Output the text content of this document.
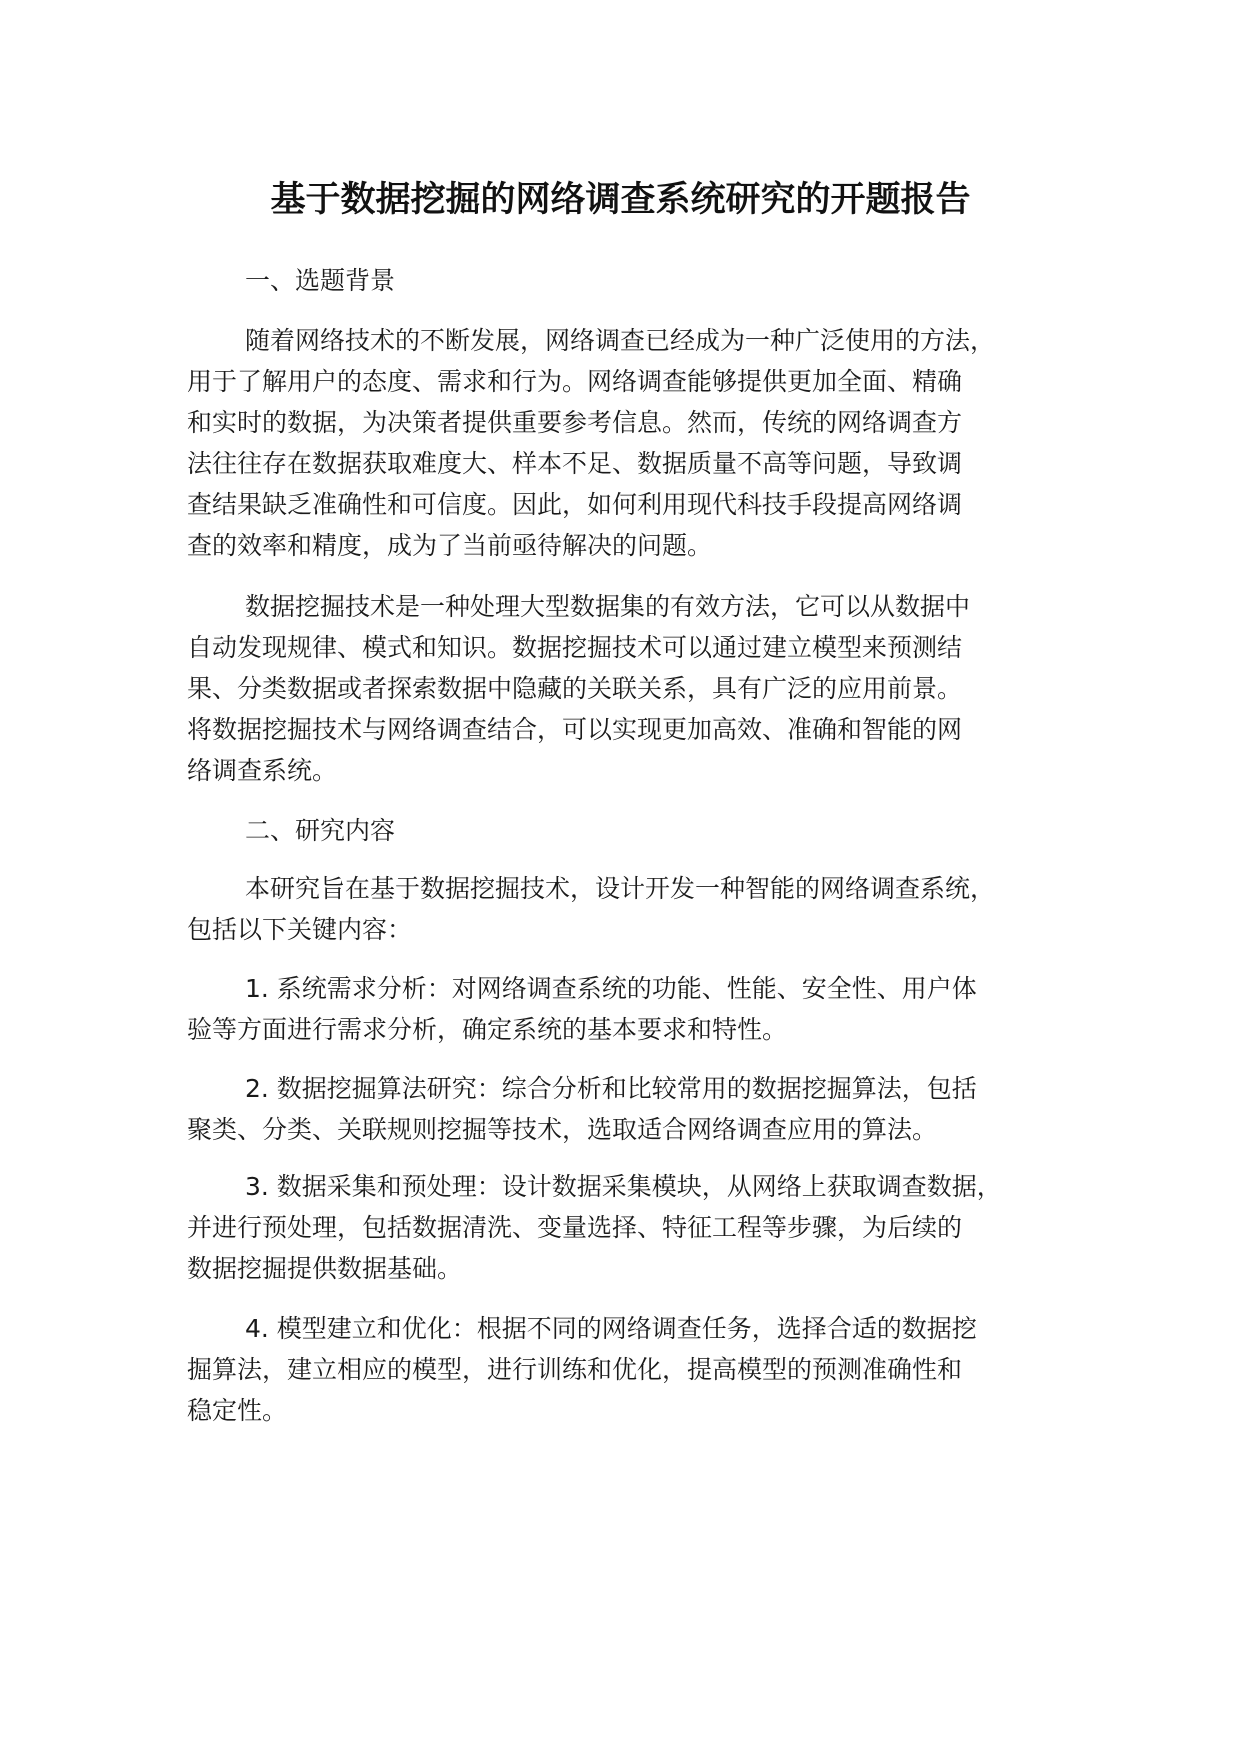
基于数据挖掘的网络调查系统研究的开题报告
一、选题背景
随着网络技术的不断发展，网络调查已经成为一种广泛使用的方法，
用于了解用户的态度、需求和行为。网络调查能够提供更加全面、精确
和实时的数据，为决策者提供重要参考信息。然而，传统的网络调查方
法往往存在数据获取难度大、样本不足、数据质量不高等问题，导致调
查结果缺乏准确性和可信度。因此，如何利用现代科技手段提高网络调
查的效率和精度，成为了当前亟待解决的问题。
数据挖掘技术是一种处理大型数据集的有效方法，它可以从数据中
自动发现规律、模式和知识。数据挖掘技术可以通过建立模型来预测结
果、分类数据或者探索数据中隐藏的关联关系，具有广泛的应用前景。
将数据挖掘技术与网络调查结合，可以实现更加高效、准确和智能的网
络调查系统。
二、研究内容
本研究旨在基于数据挖掘技术，设计开发一种智能的网络调查系统，
包括以下关键内容：
1. 系统需求分析：对网络调查系统的功能、性能、安全性、用户体
验等方面进行需求分析，确定系统的基本要求和特性。
2. 数据挖掘算法研究：综合分析和比较常用的数据挖掘算法，包括
聚类、分类、关联规则挖掘等技术，选取适合网络调查应用的算法。
3. 数据采集和预处理：设计数据采集模块，从网络上获取调查数据，
并进行预处理，包括数据清洗、变量选择、特征工程等步骤，为后续的
数据挖掘提供数据基础。
4. 模型建立和优化：根据不同的网络调查任务，选择合适的数据挖
掘算法，建立相应的模型，进行训练和优化，提高模型的预测准确性和
稳定性。
